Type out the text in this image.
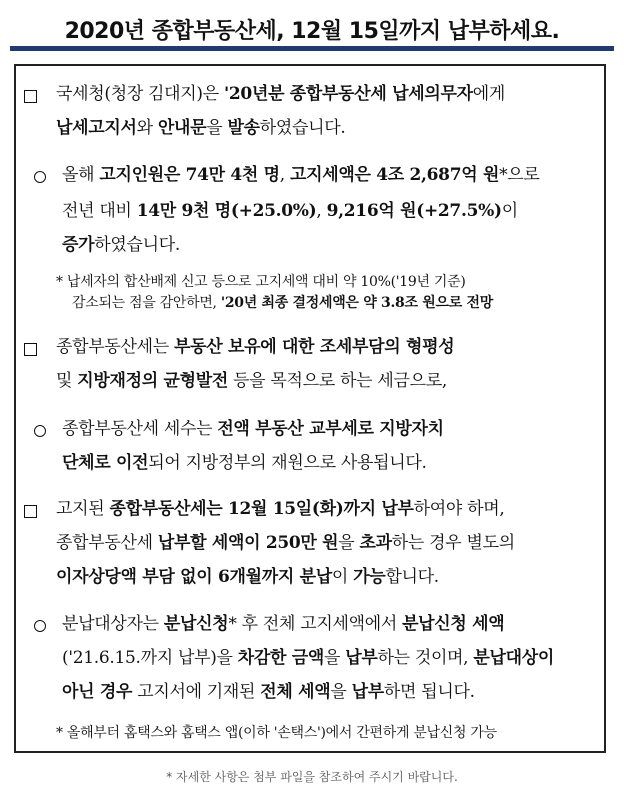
2020년 종합부동산세, 12월 15일까지 납부하세요.
국세청(청장 김대지)은 '20년분 종합부동산세 납세의무자에게
납세고지서와 안내문을 발송하였습니다.
올해 고지인원은 74만 4천 명, 고지세액은 4조 2,687억 원*으로
전년 대비 14만 9천 명(+25.0%), 9,216억 원(+27.5%)이
증가하였습니다.
* 납세자의 합산배제 신고 등으로 고지세액 대비 약 10%('19년 기준)
감소되는 점을 감안하면, '20년 최종 결정세액은 약 3.8조 원으로 전망
종합부동산세는 부동산 보유에 대한 조세부담의 형평성
및 지방재정의 균형발전 등을 목적으로 하는 세금으로,
종합부동산세 세수는 전액 부동산 교부세로 지방자치
단체로 이전되어 지방정부의 재원으로 사용됩니다.
고지된 종합부동산세는 12월 15일(화)까지 납부하여야 하며,
종합부동산세 납부할 세액이 250만 원을 초과하는 경우 별도의
이자상당액 부담 없이 6개월까지 분납이 가능합니다.
분납대상자는 분납신청* 후 전체 고지세액에서 분납신청 세액
('21.6.15.까지 납부)을 차감한 금액을 납부하는 것이며, 분납대상이
아닌 경우 고지서에 기재된 전체 세액을 납부하면 됩니다.
* 올해부터 홈택스와 홈택스 앱(이하 '손택스')에서 간편하게 분납신청 가능
* 자세한 사항은 첨부 파일을 참조하여 주시기 바랍니다.
